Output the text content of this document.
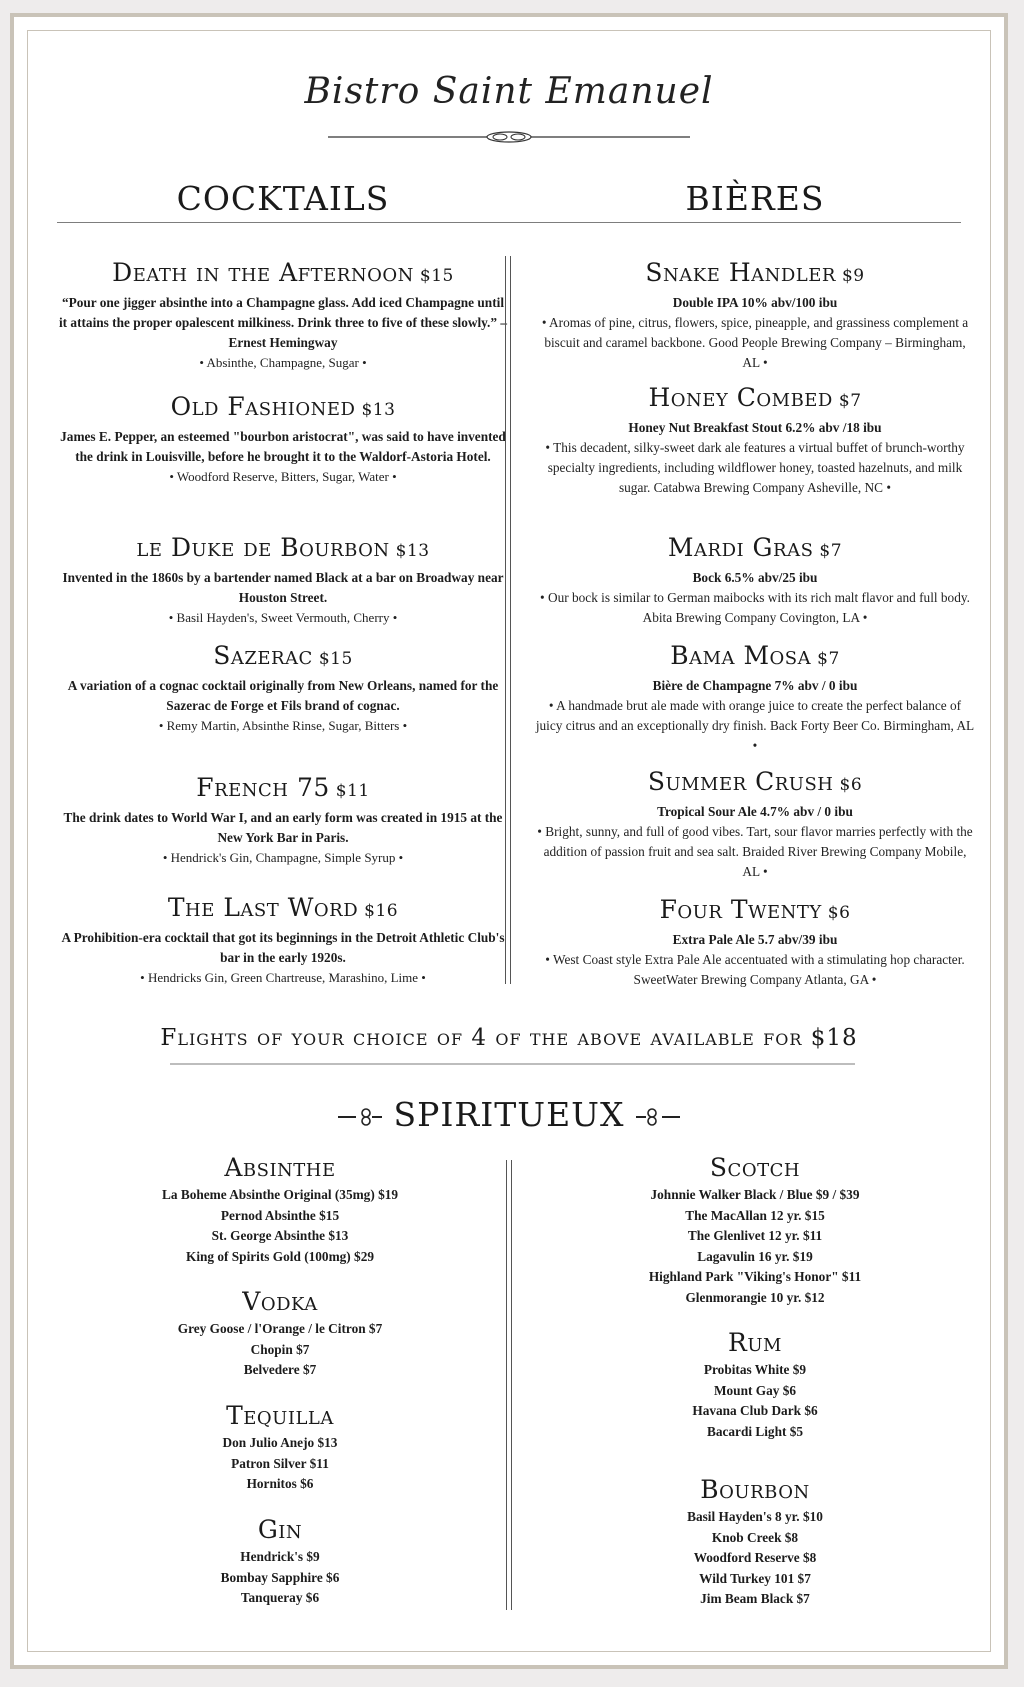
Bistro Saint Emanuel
COCKTAILS	BIÈRES
Death in the Afternoon $15
“Pour one jigger absinthe into a Champagne glass. Add iced Champagne until it attains the proper opalescent milkiness. Drink three to five of these slowly.” –Ernest Hemingway
• Absinthe, Champagne, Sugar •
Old Fashioned $13
James E. Pepper, an esteemed "bourbon aristocrat", was said to have invented the drink in Louisville, before he brought it to the Waldorf-Astoria Hotel.
• Woodford Reserve, Bitters, Sugar, Water •
le Duke de Bourbon $13
Invented in the 1860s by a bartender named Black at a bar on Broadway near Houston Street.
• Basil Hayden's, Sweet Vermouth, Cherry •
Sazerac $15
A variation of a cognac cocktail originally from New Orleans, named for the Sazerac de Forge et Fils brand of cognac.
• Remy Martin, Absinthe Rinse, Sugar, Bitters •
French 75 $11
The drink dates to World War I, and an early form was created in 1915 at the New York Bar in Paris.
• Hendrick's Gin, Champagne, Simple Syrup •
The Last Word $16
A Prohibition-era cocktail that got its beginnings in the Detroit Athletic Club's bar in the early 1920s.
• Hendricks Gin, Green Chartreuse, Marashino, Lime •
Snake Handler $9
Double IPA 10% abv/100 ibu
• Aromas of pine, citrus, flowers, spice, pineapple, and grassiness complement a biscuit and caramel backbone. Good People Brewing Company – Birmingham, AL •
Honey Combed $7
Honey Nut Breakfast Stout 6.2% abv /18 ibu
• This decadent, silky-sweet dark ale features a virtual buffet of brunch-worthy specialty ingredients, including wildflower honey, toasted hazelnuts, and milk sugar. Catabwa Brewing Company Asheville, NC •
Mardi Gras $7
Bock 6.5% abv/25 ibu
• Our bock is similar to German maibocks with its rich malt flavor and full body. Abita Brewing Company Covington, LA •
Bama Mosa $7
Bière de Champagne 7% abv / 0 ibu
• A handmade brut ale made with orange juice to create the perfect balance of juicy citrus and an exceptionally dry finish. Back Forty Beer Co. Birmingham, AL •
Summer Crush $6
Tropical Sour Ale 4.7% abv / 0 ibu
• Bright, sunny, and full of good vibes. Tart, sour flavor marries perfectly with the addition of passion fruit and sea salt. Braided River Brewing Company Mobile, AL •
Four Twenty $6
Extra Pale Ale 5.7 abv/39 ibu
• West Coast style Extra Pale Ale accentuated with a stimulating hop character. SweetWater Brewing Company Atlanta, GA •
Flights of your choice of 4 of the above available for $18
SPIRITUEUX
Absinthe
La Boheme Absinthe Original (35mg) $19
Pernod Absinthe $15
St. George Absinthe $13
King of Spirits Gold (100mg) $29
Vodka
Grey Goose / l'Orange / le Citron $7
Chopin $7
Belvedere $7
Tequilla
Don Julio Anejo $13
Patron Silver $11
Hornitos $6
Gin
Hendrick's $9
Bombay Sapphire $6
Tanqueray $6
Scotch
Johnnie Walker Black / Blue $9 / $39
The MacAllan 12 yr. $15
The Glenlivet 12 yr. $11
Lagavulin 16 yr. $19
Highland Park "Viking's Honor" $11
Glenmorangie 10 yr. $12
Rum
Probitas White $9
Mount Gay $6
Havana Club Dark $6
Bacardi Light $5
Bourbon
Basil Hayden's 8 yr. $10
Knob Creek $8
Woodford Reserve $8
Wild Turkey 101 $7
Jim Beam Black $7
